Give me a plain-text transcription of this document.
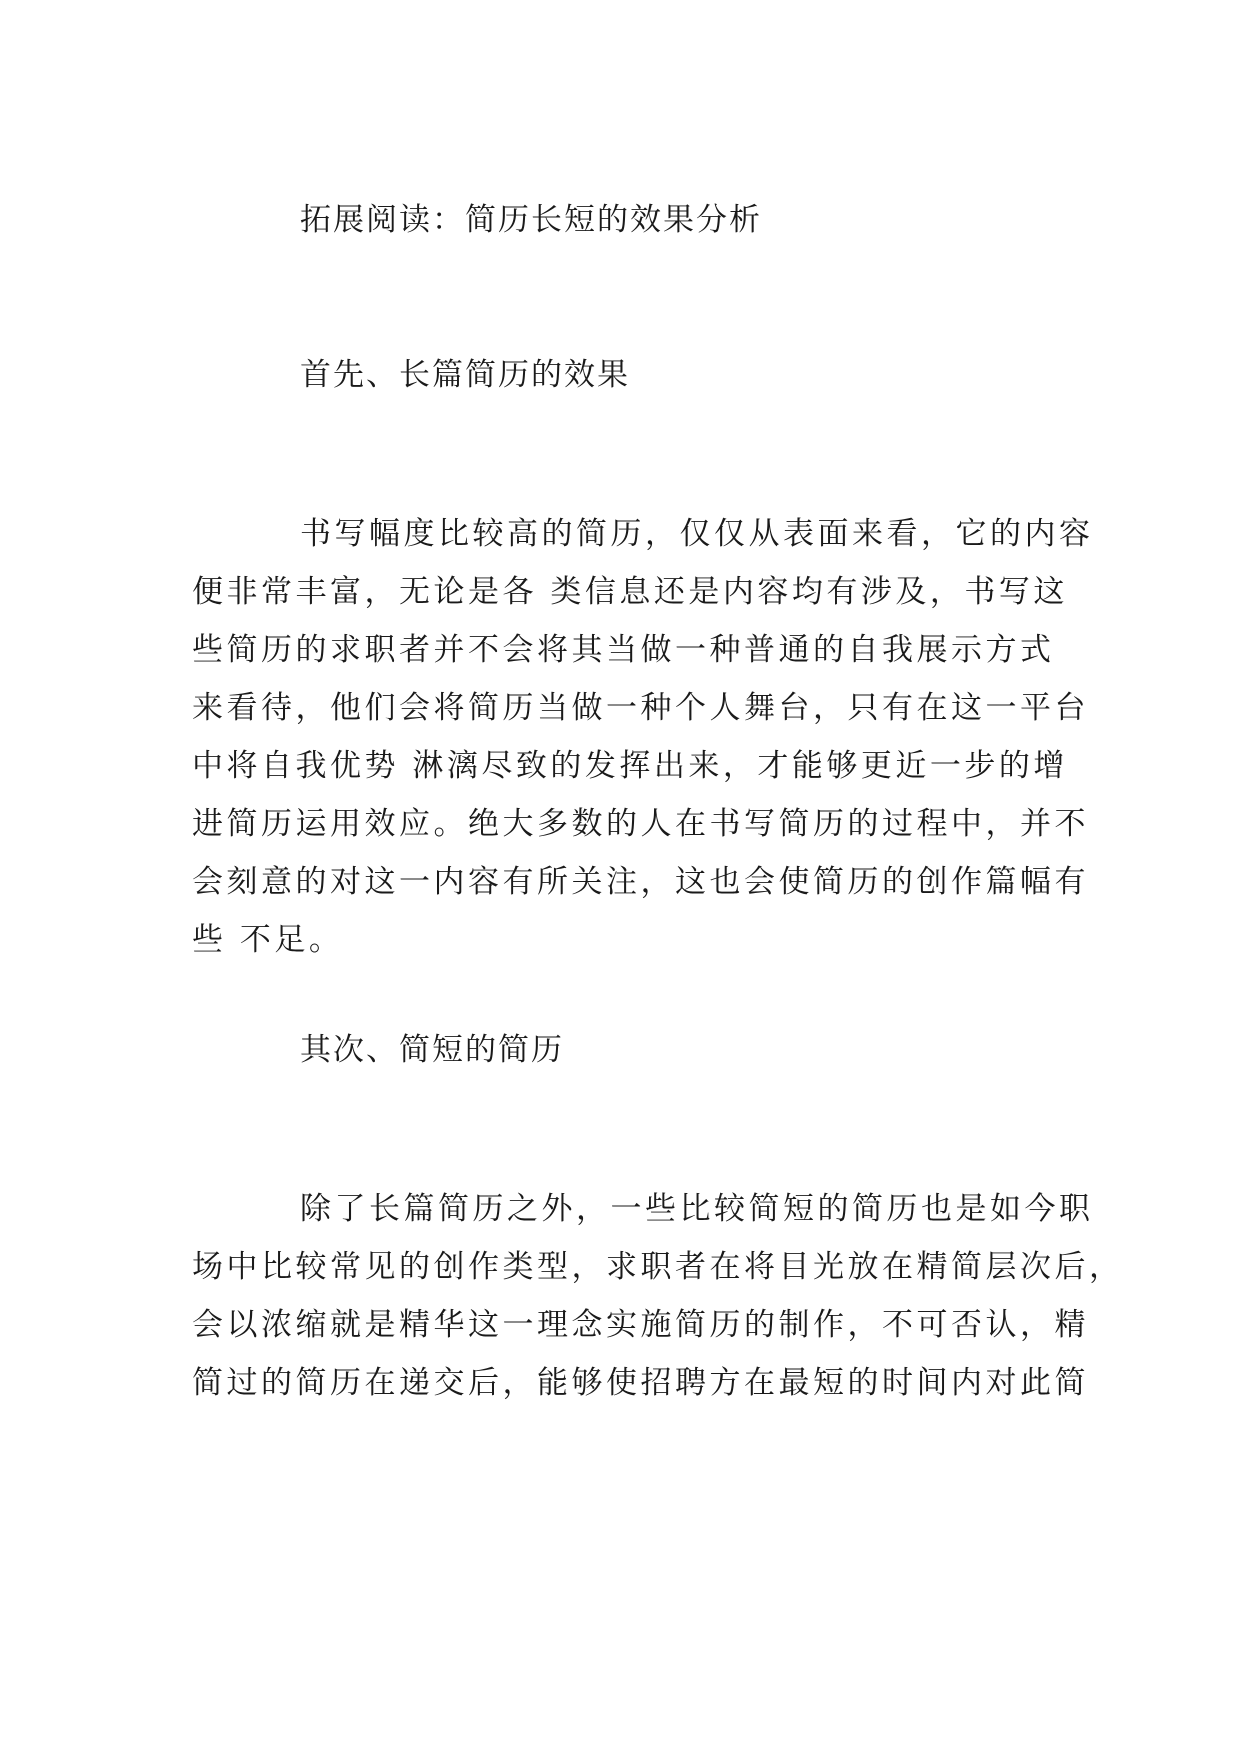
拓展阅读：简历长短的效果分析
首先、长篇简历的效果
书写幅度比较高的简历，仅仅从表面来看，它的内容
便非常丰富，无论是各 类信息还是内容均有涉及，书写这
些简历的求职者并不会将其当做一种普通的自我展示方式
来看待，他们会将简历当做一种个人舞台，只有在这一平台
中将自我优势 淋漓尽致的发挥出来，才能够更近一步的增
进简历运用效应。绝大多数的人在书写简历的过程中，并不
会刻意的对这一内容有所关注，这也会使简历的创作篇幅有
些 不足。
其次、简短的简历
除了长篇简历之外，一些比较简短的简历也是如今职
场中比较常见的创作类型，求职者在将目光放在精简层次后，
会以浓缩就是精华这一理念实施简历的制作，不可否认，精
简过的简历在递交后，能够使招聘方在最短的时间内对此简
